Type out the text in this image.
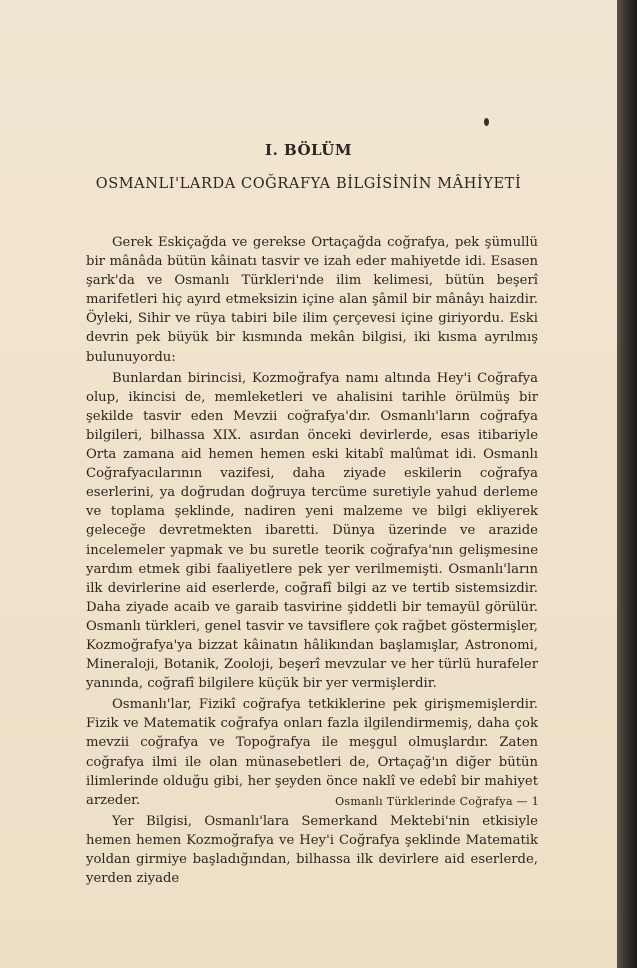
I. BÖLÜM
OSMANLI'LARDA COĞRAFYA BİLGİSİNİN MÂHİYETİ

Gerek Eskiçağda ve gerekse Ortaçağda coğrafya, pek şümullü bir mânâda bütün kâinatı tasvir ve izah eder mahiyetde idi. Esasen şark'da ve Osmanlı Türkleri'nde ilim kelimesi, bütün beşerî marifetleri hiç ayırd etmeksizin içine alan şâmil bir mânâyı haizdir. Öyleki, Sihir ve rüya tabiri bile ilim çerçevesi içine giriyordu. Eski devrin pek büyük bir kısmında mekân bilgisi, iki kısma ayrılmış bulunuyordu:

Bunlardan birincisi, Kozmoğrafya namı altında Hey'i Coğrafya olup, ikincisi de, memleketleri ve ahalisini tarihle örülmüş bir şekilde tasvir eden Mevzii coğrafya'dır. Osmanlı'ların coğrafya bilgileri, bilhassa XIX. asırdan önceki devirlerde, esas itibariyle Orta zamana aid hemen hemen eski kitabî malûmat idi. Osmanlı Coğrafyacılarının vazifesi, daha ziyade eskilerin coğrafya eserlerini, ya doğrudan doğruya tercüme suretiyle yahud derleme ve toplama şeklinde, nadiren yeni malzeme ve bilgi ekliyerek geleceğe devretmekten ibaretti. Dünya üzerinde ve arazide incelemeler yapmak ve bu suretle teorik coğrafya'nın gelişmesine yardım etmek gibi faaliyetlere pek yer verilmemişti. Osmanlı'ların ilk devirlerine aid eserlerde, coğrafî bilgi az ve tertib sistemsizdir. Daha ziyade acaib ve garaib tasvirine şiddetli bir temayül görülür. Osmanlı türkleri, genel tasvir ve tavsiflere çok rağbet göstermişler, Kozmoğrafya'ya bizzat kâinatın hâlikından başlamışlar, Astronomi, Mineraloji, Botanik, Zooloji, beşerî mevzular ve her türlü hurafeler yanında, coğrafî bilgilere küçük bir yer vermişlerdir.

Osmanlı'lar, Fizikî coğrafya tetkiklerine pek girişmemişlerdir. Fizik ve Matematik coğrafya onları fazla ilgilendirmemiş, daha çok mevzii coğrafya ve Topoğrafya ile meşgul olmuşlardır. Zaten coğrafya ilmi ile olan münasebetleri de, Ortaçağ'ın diğer bütün ilimlerinde olduğu gibi, her şeyden önce naklî ve edebî bir mahiyet arzeder.

Yer Bilgisi, Osmanlı'lara Semerkand Mektebi'nin etkisiyle hemen hemen Kozmoğrafya ve Hey'i Coğrafya şeklinde Matematik yoldan girmiye başladığından, bilhassa ilk devirlere aid eserlerde, yerden ziyade

Osmanlı Türklerinde Coğrafya — 1
